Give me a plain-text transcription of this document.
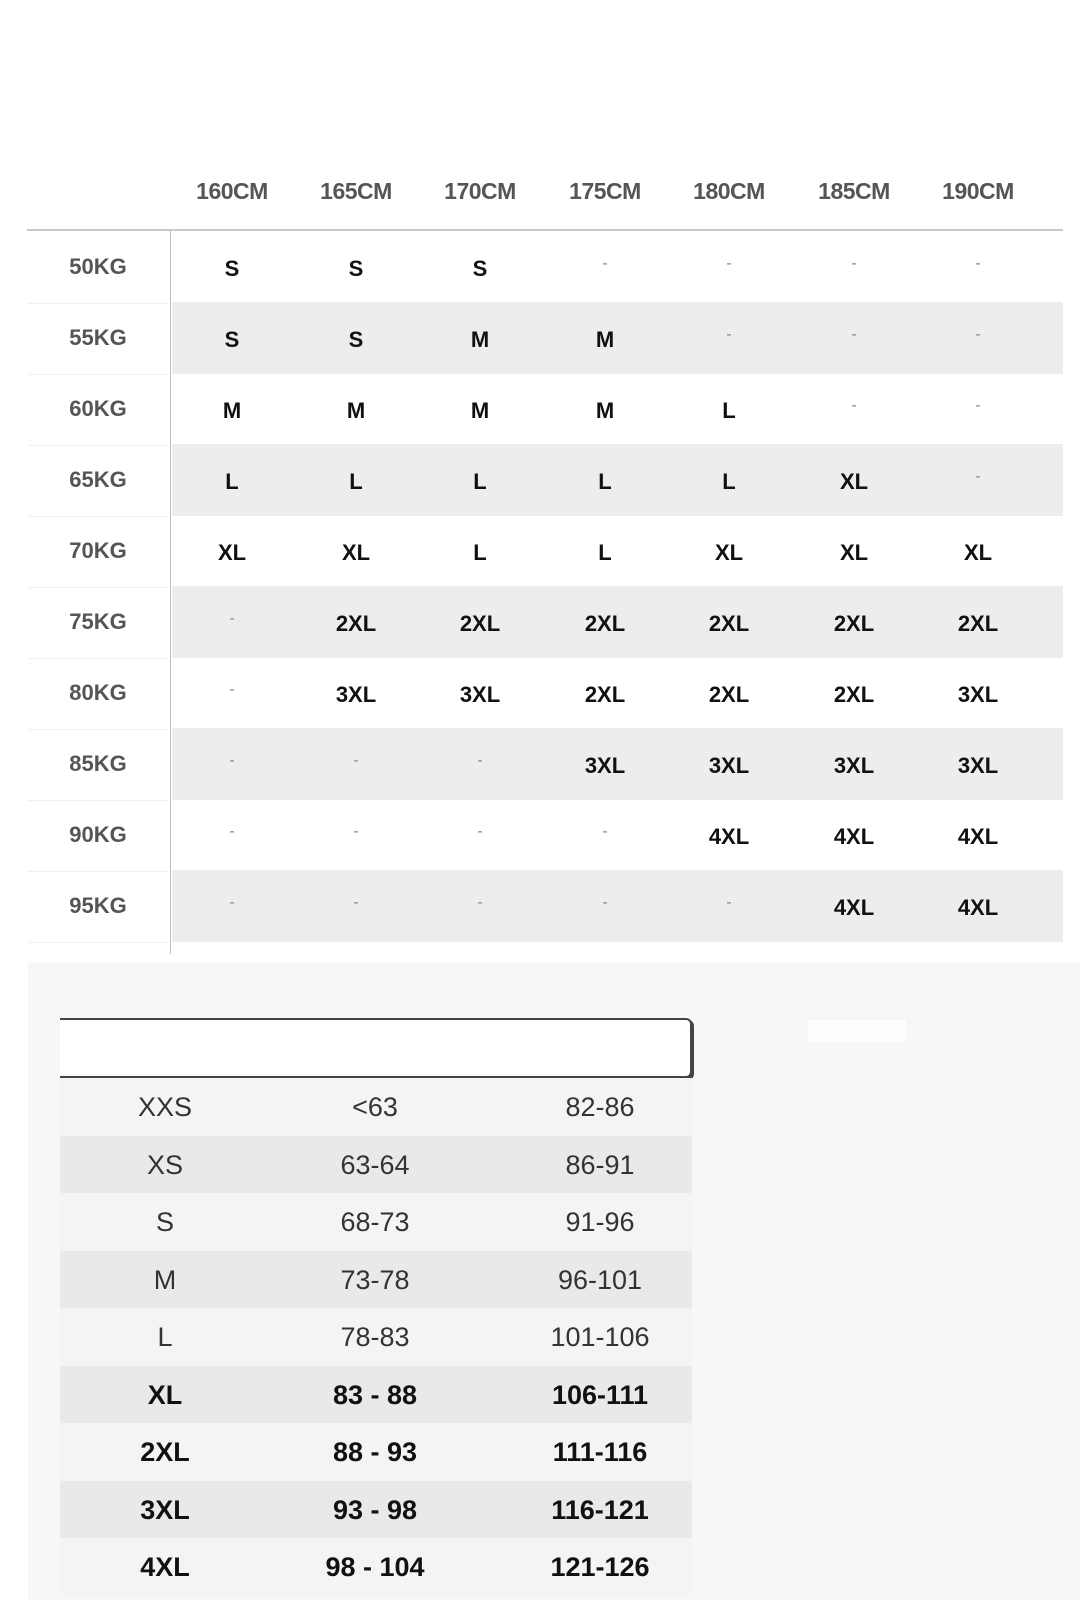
160CM	165CM	170CM	175CM	180CM	185CM	190CM
50KG	S	S	S	-	-	-	-
55KG	S	S	M	M	-	-	-
60KG	M	M	M	M	L	-	-
65KG	L	L	L	L	L	XL	-
70KG	XL	XL	L	L	XL	XL	XL
75KG	-	2XL	2XL	2XL	2XL	2XL	2XL
80KG	-	3XL	3XL	2XL	2XL	2XL	3XL
85KG	-	-	-	3XL	3XL	3XL	3XL
90KG	-	-	-	-	4XL	4XL	4XL
95KG	-	-	-	-	-	4XL	4XL
XXS	<63	82-86
XS	63-64	86-91
S	68-73	91-96
M	73-78	96-101
L	78-83	101-106
XL	83 - 88	106-111
2XL	88 - 93	111-116
3XL	93 - 98	116-121
4XL	98 - 104	121-126
